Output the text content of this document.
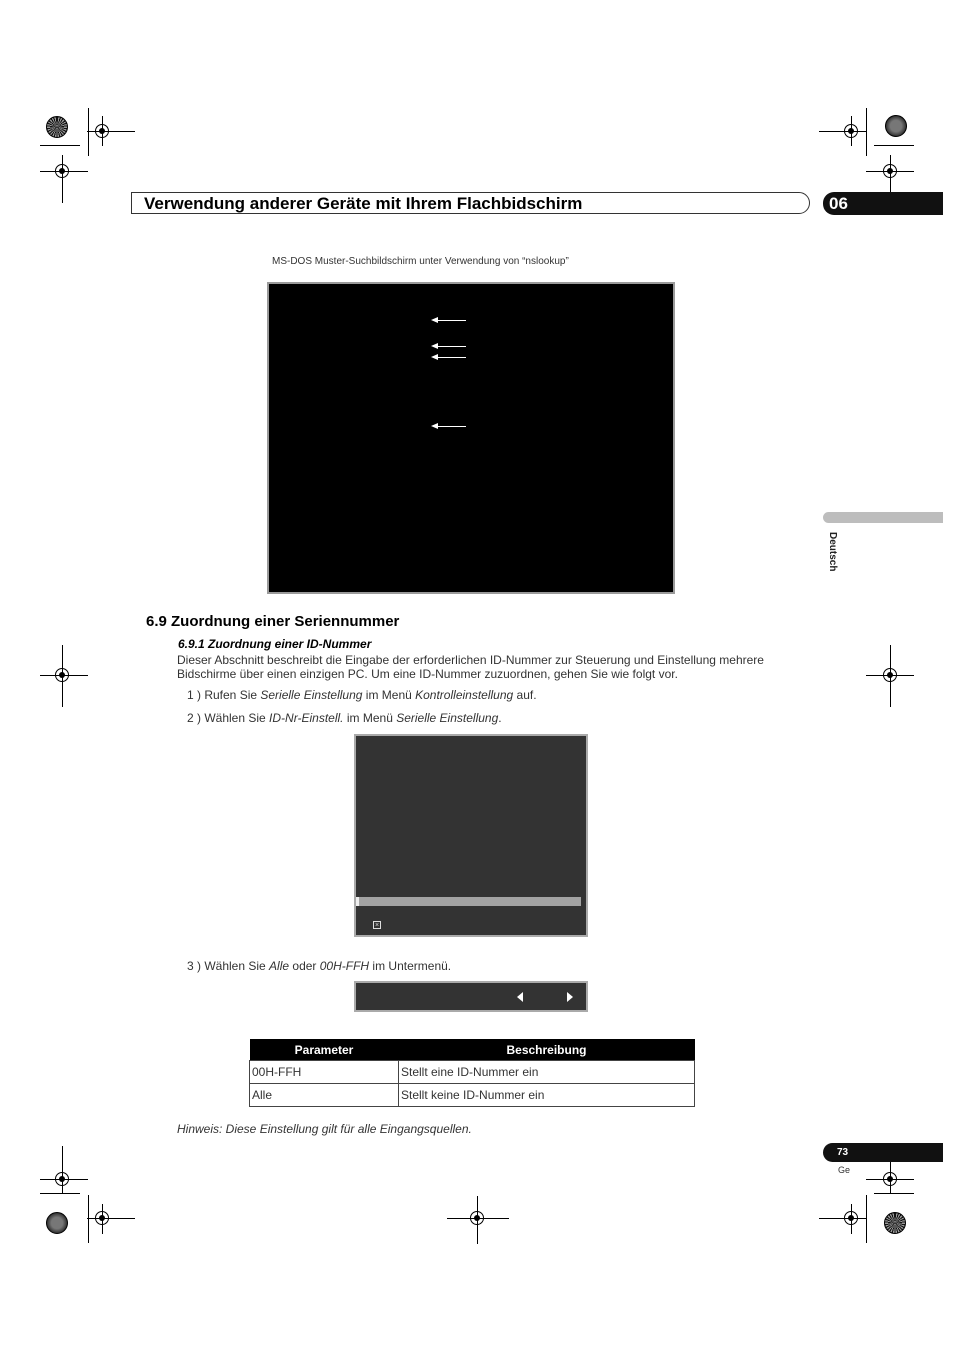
Verwendung anderer Geräte mit Ihrem Flachbidschirm	06
Deutsch
MS-DOS Muster-Suchbildschirm unter Verwendung von “nslookup”
6.9 Zuordnung einer Seriennummer
6.9.1 Zuordnung einer ID-Nummer
Dieser Abschnitt beschreibt die Eingabe der erforderlichen ID-Nummer zur Steuerung und Einstellung mehrere Bidschirme über einen einzigen PC. Um eine ID-Nummer zuzuordnen, gehen Sie wie folgt vor.
1 ) Rufen Sie Serielle Einstellung im Menü Kontrolleinstellung auf.
2 ) Wählen Sie ID-Nr-Einstell. im Menü Serielle Einstellung.
×
3 ) Wählen Sie Alle oder 00H-FFH im Untermenü.
Parameter	Beschreibung
00H-FFH	Stellt eine ID-Nummer ein
Alle	Stellt keine ID-Nummer ein
Hinweis: Diese Einstellung gilt für alle Eingangsquellen.
73
Ge
